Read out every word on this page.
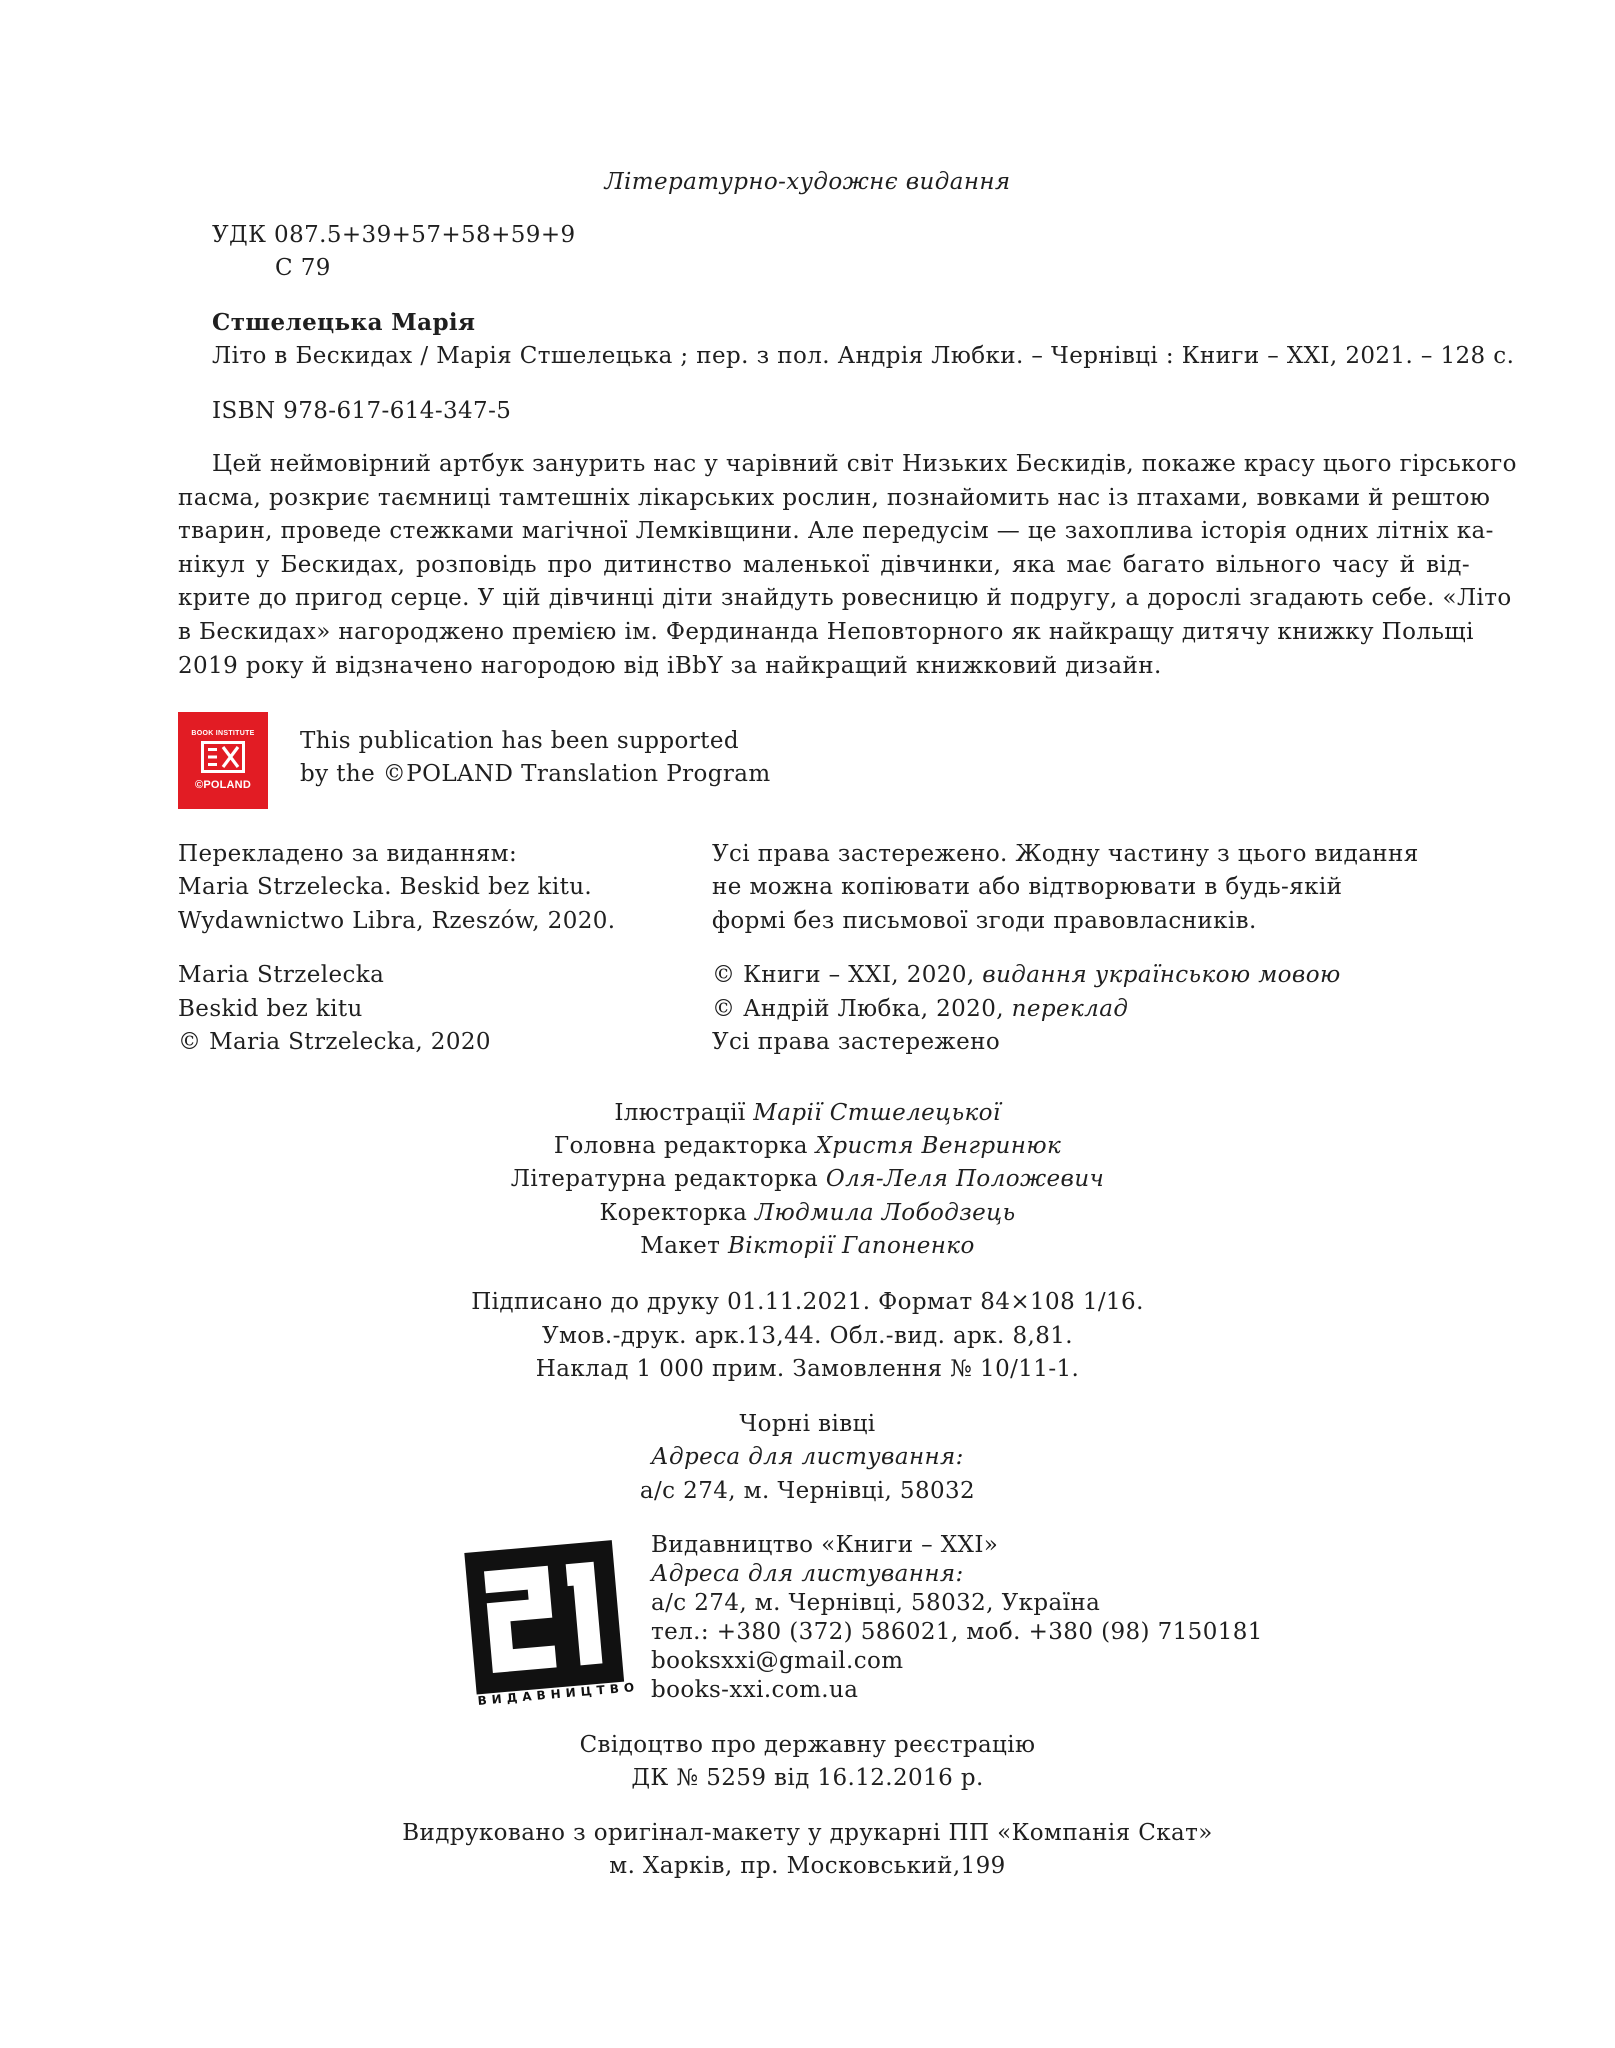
Літературно-художнє видання
УДК 087.5+39+57+58+59+9
С 79
Стшелецька Марія
Літо в Бескидах / Марія Стшелецька ; пер. з пол. Андрія Любки. – Чернівці : Книги – ХХІ, 2021. – 128 с.
ISBN 978-617-614-347-5
Цей неймовірний артбук занурить нас у чарівний світ Низьких Бескидів, покаже красу цього гірського
пасма, розкриє таємниці тамтешніх лікарських рослин, познайомить нас із птахами, вовками й рештою
тварин, проведе стежками магічної Лемківщини. Але передусім — це захоплива історія одних літніх ка-
нікул у Бескидах, розповідь про дитинство маленької дівчинки, яка має багато вільного часу й від-
крите до пригод серце. У цій дівчинці діти знайдуть ровесницю й подругу, а дорослі згадають себе. «Літо
в Бескидах» нагороджено премією ім. Фердинанда Неповторного як найкращу дитячу книжку Польщі
2019 року й відзначено нагородою від iBbY за найкращий книжковий дизайн.
BOOK INSTITUTE
©POLAND
This publication has been supported
by the ©POLAND Translation Program
Перекладено за виданням:
Maria Strzelecka. Beskid bez kitu.
Wydawnictwo Libra, Rzeszów, 2020.
Maria Strzelecka
Beskid bez kitu
© Maria Strzelecka, 2020
Усі права застережено. Жодну частину з цього видання
не можна копіювати або відтворювати в будь-якій
формі без письмової згоди правовласників.
© Книги – ХХІ, 2020, видання українською мовою
© Андрій Любка, 2020, переклад
Усі права застережено
Ілюстрації Марії Стшелецької
Головна редакторка Христя Венгринюк
Літературна редакторка Оля-Леля Положевич
Коректорка Людмила Лободзець
Макет Вікторії Гапоненко
Підписано до друку 01.11.2021. Формат 84×108 1/16.
Умов.-друк. арк.13,44. Обл.-вид. арк. 8,81.
Наклад 1 000 прим. Замовлення № 10/11-1.
Чорні вівці
Адреса для листування:
а/с 274, м. Чернівці, 58032
ВИДАВНИЦТВО
Видавництво «Книги – ХХІ»
Адреса для листування:
а/с 274, м. Чернівці, 58032, Україна
тел.: +380 (372) 586021, моб. +380 (98) 7150181
booksxxi@gmail.com
books-xxi.com.ua
Свідоцтво про державну реєстрацію
ДК № 5259 від 16.12.2016 р.
Видруковано з оригінал-макету у друкарні ПП «Компанія Скат»
м. Харків, пр. Московський,199
